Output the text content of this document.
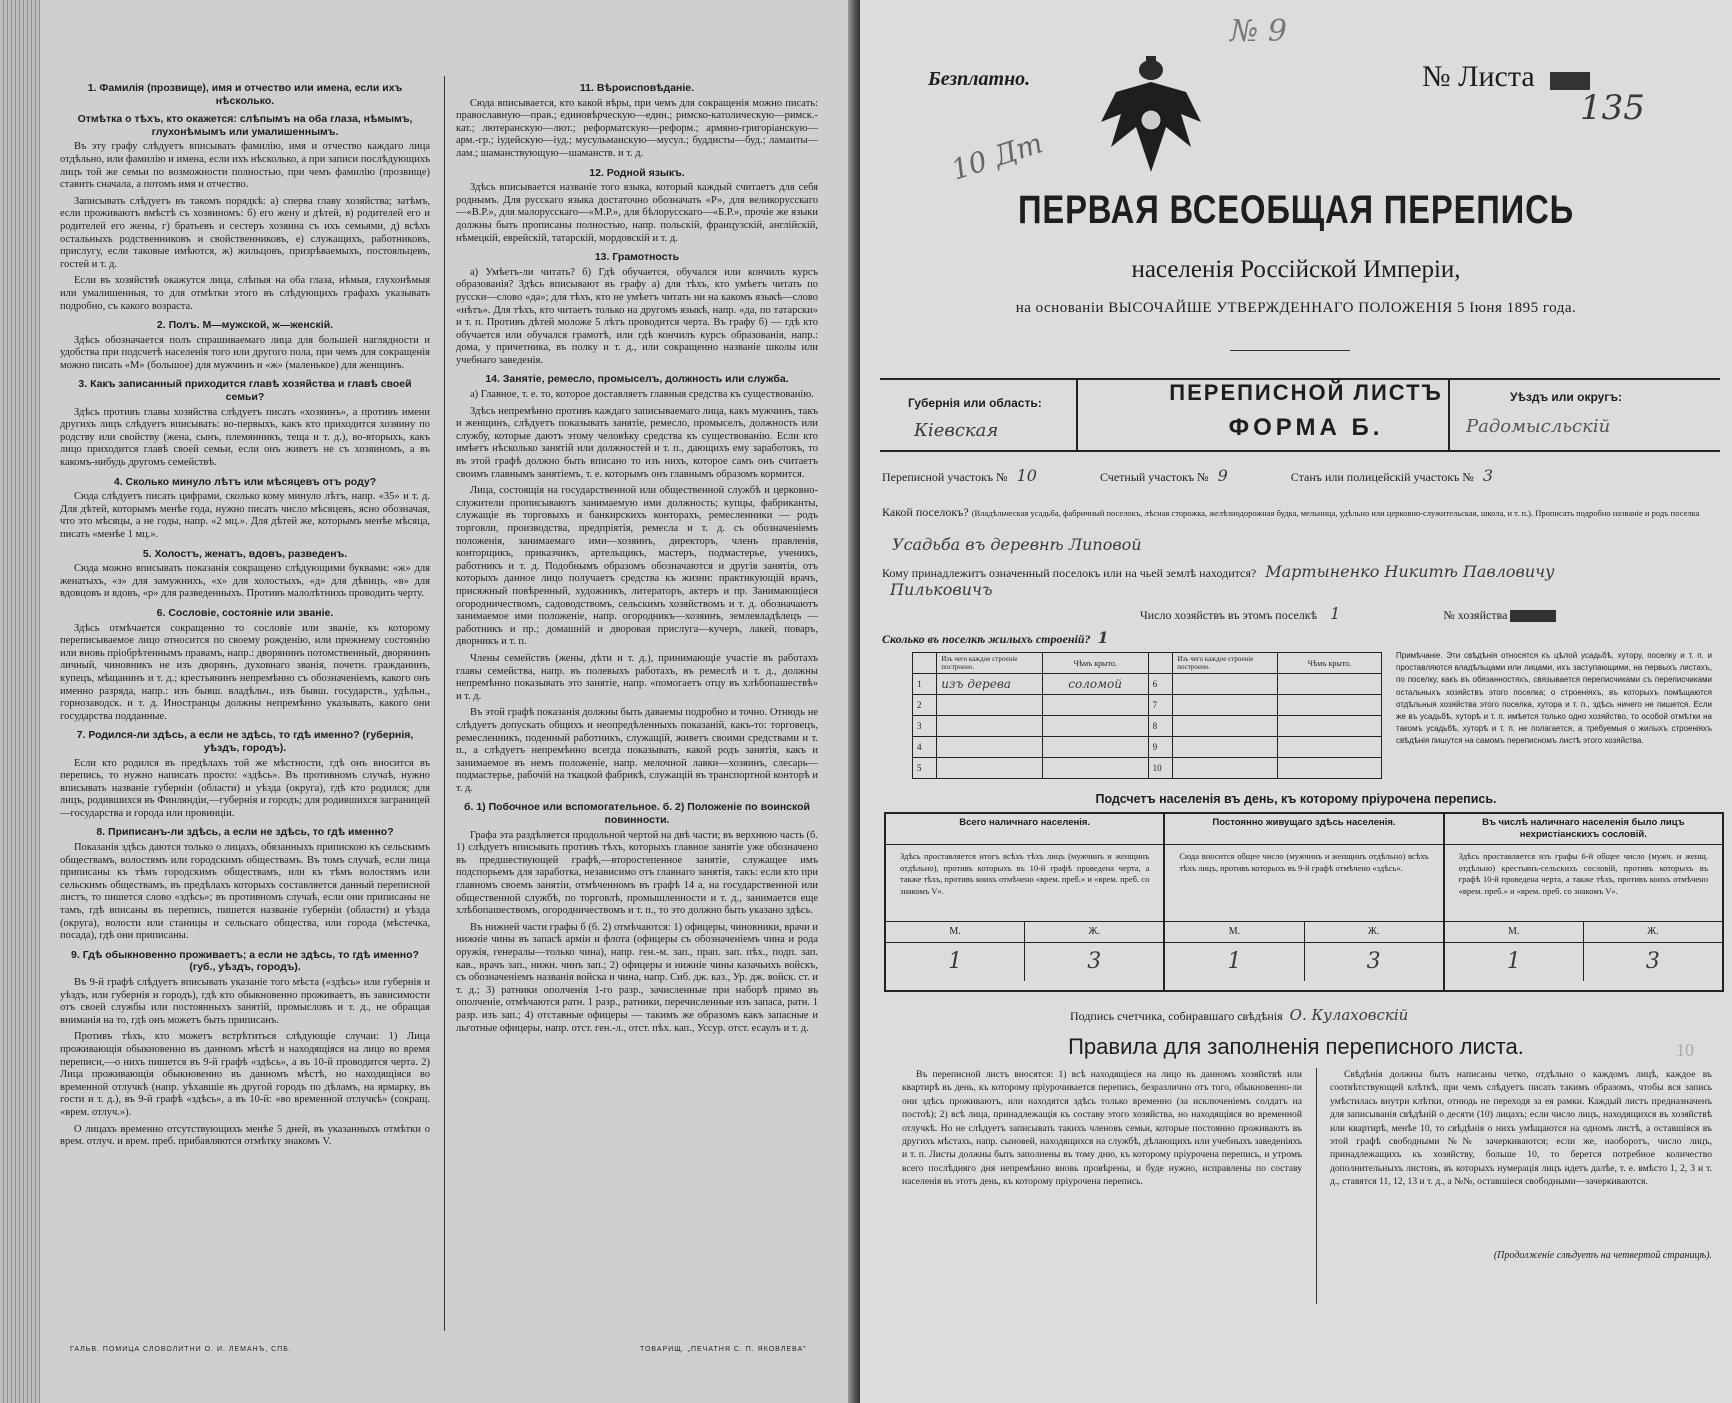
1. Фамилія (прозвище), имя и отчество или имена, если ихъ нѣсколько.
Отмѣтка о тѣхъ, кто окажется: слѣпымъ на оба глаза, нѣмымъ, глухонѣмымъ или умалишеннымъ.

Въ эту графу слѣдуетъ вписывать фамилію, имя и отчество каждаго лица отдѣльно, или фамилію и имена, если ихъ нѣсколько, а при записи послѣдующихъ лицъ той же семьи по возможности полностью, при чемъ фамилію (прозвище) ставить сначала, а потомъ имя и отчество.

Записывать слѣдуетъ въ такомъ порядкѣ: а) сперва главу хозяйства; затѣмъ, если проживаютъ вмѣстѣ съ хозяиномъ: б) его жену и дѣтей, в) родителей его и родителей его жены, г) братьевъ и сестеръ хозяина съ ихъ семьями, д) всѣхъ остальныхъ родственниковъ и свойственниковъ, е) служащихъ, работниковъ, прислугу, если таковые имѣются, ж) жильцовъ, призрѣваемыхъ, постояльцевъ, гостей и т. д.

Если въ хозяйствѣ окажутся лица, слѣпыя на оба глаза, нѣмыя, глухонѣмыя или умалишенныя, то для отмѣтки этого въ слѣдующихъ графахъ указывать подробно, съ какого возраста.

2. Полъ. М—мужской, ж—женскій.

Здѣсь обозначается полъ спрашиваемаго лица для большей наглядности и удобства при подсчетѣ населенія того или другого пола, при чемъ для сокращенія можно писать «М» (большое) для мужчинъ и «ж» (маленькое) для женщинъ.

3. Какъ записанный приходится главѣ хозяйства и главѣ своей семьи?

Здѣсь противъ главы хозяйства слѣдуетъ писать «хозяинъ», а противъ имени другихъ лицъ слѣдуетъ вписывать: во-первыхъ, какъ кто приходится хозяину по родству или свойству (жена, сынъ, племянникъ, теща и т. д.), во-вторыхъ, какъ лицо приходится главѣ своей семьи, если онъ живетъ не съ хозяиномъ, а въ какомъ-нибудь другомъ семействѣ.

4. Сколько минуло лѣтъ или мѣсяцевъ отъ роду?

Сюда слѣдуетъ писать цифрами, сколько кому минуло лѣтъ, напр. «35» и т. д. Для дѣтей, которымъ менѣе года, нужно писать число мѣсяцевъ, ясно обозначая, что это мѣсяцы, а не годы, напр. «2 мц.». Для дѣтей же, которымъ менѣе мѣсяца, писать «менѣе 1 мц.».

5. Холостъ, женатъ, вдовъ, разведенъ.

Сюда можно вписывать показанія сокращено слѣдующими буквами: «ж» для женатыхъ, «з» для замужнихъ, «х» для холостыхъ, «д» для дѣвицъ, «в» для вдовцовъ и вдовъ, «р» для разведенныхъ. Противъ малолѣтнихъ проводить черту.

6. Сословіе, состояніе или званіе.

Здѣсь отмѣчается сокращенно то сословіе или званіе, къ которому переписываемое лицо относится по своему рожденію, или прежнему состоянію или вновь пріобрѣтеннымъ правамъ, напр.: дворянинъ потомственный, дворянинъ личный, чиновникъ не изъ дворянъ, духовнаго званія, почетн. гражданинъ, купецъ, мѣщанинъ и т. д.; крестьянинъ непремѣнно съ обозначеніемъ, какого онъ именно разряда, напр.: изъ бывш. владѣльч., изъ бывш. государств., удѣльн., горнозаводск. и т. д. Иностранцы должны непремѣнно указывать, какого они государства подданные.

7. Родился-ли здѣсь, а если не здѣсь, то гдѣ именно? (губернія, уѣздъ, городъ).

Если кто родился въ предѣлахъ той же мѣстности, гдѣ онъ вносится въ перепись, то нужно написать просто: «здѣсь». Въ противномъ случаѣ, нужно вписывать названіе губерніи (области) и уѣзда (округа), гдѣ кто родился; для лицъ, родившихся въ Финляндіи,—губернія и городъ; для родившихся заграницей—государства и города или провинціи.

8. Приписанъ-ли здѣсь, а если не здѣсь, то гдѣ именно?

Показанія здѣсь даются только о лицахъ, обязанныхъ припискою къ сельскимъ обществамъ, волостямъ или городскимъ обществамъ. Въ томъ случаѣ, если лица приписаны къ тѣмъ городскимъ обществамъ, или къ тѣмъ волостямъ или сельскимъ обществамъ, въ предѣлахъ которыхъ составляется данный переписной листъ, то пишется слово «здѣсь»; въ противномъ случаѣ, если они приписаны не тамъ, гдѣ вписаны въ перепись, пишется названіе губерніи (области) и уѣзда (округа), волости или станицы и сельскаго общества, или города (мѣстечка, посада), гдѣ они приписаны.

9. Гдѣ обыкновенно проживаетъ; а если не здѣсь, то гдѣ именно? (губ., уѣздъ, городъ).

Въ 9-й графѣ слѣдуетъ вписывать указаніе того мѣста («здѣсь» или губернія и уѣздъ, или губернія и городъ), гдѣ кто обыкновенно проживаетъ, въ зависимости отъ своей службы или постоянныхъ занятій, промысловъ и т. д., не обращая вниманія на то, гдѣ онъ можетъ быть приписанъ.

Противъ тѣхъ, кто можетъ встрѣтиться слѣдующіе случаи: 1) Лица проживающія обыкновенно въ данномъ мѣстѣ и находящіяся на лицо во время переписи,—о нихъ пишется въ 9-й графѣ «здѣсь», а въ 10-й проводится черта. 2) Лица проживающія обыкновенно въ данномъ мѣстѣ, но находящіяся во временной отлучкѣ (напр. уѣхавшіе въ другой городъ по дѣламъ, на ярмарку, въ гости и т. д.), въ 9-й графѣ «здѣсь», а въ 10-й: «во временной отлучкѣ» (сокращ. «врем. отлуч.»).

О лицахъ временно отсутствующихъ менѣе 5 дней, въ указанныхъ отмѣтки о врем. отлуч. и врем. преб. прибавляются отмѣтку знакомъ V.

11. Вѣроисповѣданіе.

Сюда вписывается, кто какой вѣры, при чемъ для сокращенія можно писать: православную—прав.; единовѣрческую—един.; римско-католическую—римск.-кат.; лютеранскую—лют.; реформатскую—реформ.; армяно-григоріанскую—арм.-гр.; іудейскую—іуд.; мусульманскую—мусул.; буддисты—буд.; ламаиты—лам.; шаманствующую—шаманств. и т. д.

12. Родной языкъ.

Здѣсь вписывается названіе того языка, который каждый считаетъ для себя роднымъ. Для русскаго языка достаточно обозначать «Р», для великорусскаго—«В.Р.», для малорусскаго—«М.Р.», для бѣлорусскаго—«Б.Р.», прочіе же языки должны быть прописаны полностью, напр. польскій, французскій, англійскій, нѣмецкій, еврейскій, татарскій, мордовскій и т. д.

13. Грамотность

а) Умѣетъ-ли читать? б) Гдѣ обучается, обучался или кончилъ курсъ образованія? Здѣсь вписывают въ графу а) для тѣхъ, кто умѣетъ читать по русски—слово «да»; для тѣхъ, кто не умѣетъ читать ни на какомъ языкѣ—слово «нѣтъ». Для тѣхъ, кто читаетъ только на другомъ языкѣ, напр. «да, по татарски» и т. п. Противъ дѣтей моложе 5 лѣтъ проводится черта. Въ графу б) — гдѣ кто обучается или обучался грамотѣ, или гдѣ кончилъ курсъ образованія, напр.: дома, у причетника, въ полку и т. д., или сокращенно названіе школы или учебнаго заведенія.

14. Занятіе, ремесло, промыселъ, должность или служба.

а) Главное, т. е. то, которое доставляетъ главныя средства къ существованію.

Здѣсь непремѣнно противъ каждаго записываемаго лица, какъ мужчинъ, такъ и женщинъ, слѣдуетъ показывать занятіе, ремесло, промыселъ, должность или службу, которые даютъ этому человѣку средства къ существованію. Если кто имѣетъ нѣсколько занятій или должностей и т. п., дающихъ ему заработокъ, то въ этой графѣ должно быть вписано то изъ нихъ, которое самъ онъ считаетъ своимъ главнымъ занятіемъ, т. е. которымъ онъ главнымъ образомъ кормится.

Лица, состоящія на государственной или общественной службѣ и церковно-служители прописываютъ занимаемую ими должность; купцы, фабриканты, служащіе въ торговыхъ и банкирскихъ конторахъ, ремесленники — родъ торговли, производства, предпріятія, ремесла и т. д. съ обозначеніемъ положенія, занимаемаго ими—хозяинъ, директоръ, членъ правленія, конторщикъ, приказчикъ, артельщикъ, мастеръ, подмастерье, ученикъ, работникъ и т. д. Подобнымъ образомъ обозначаются и другія занятія, отъ которыхъ данное лицо получаетъ средства къ жизни: практикующій врачъ, присяжный повѣренный, художникъ, литераторъ, актеръ и пр. Занимающіеся огородничествомъ, садоводствомъ, сельскимъ хозяйствомъ и т. д. обозначаютъ занимаемое ими положеніе, напр. огородникъ—хозяинъ, землевладѣлецъ — работникъ и пр.; домашній и дворовая прислуга—кучеръ, лакей, поваръ, дворникъ и т. п.

Члены семействъ (жены, дѣти и т. д.), принимающіе участіе въ работахъ главы семейства, напр. въ полевыхъ работахъ, въ ремеслѣ и т. д., должны непремѣнно показывать это занятіе, напр. «помогаетъ отцу въ хлѣбопашествѣ» и т. д.

Въ этой графѣ показанія должны быть даваемы подробно и точно. Отнюдь не слѣдуетъ допускать общихъ и неопредѣленныхъ показаній, какъ-то: торговецъ, ремесленникъ, поденный работникъ, служащій, живетъ своими средствами и т. п., а слѣдуетъ непремѣнно всегда показывать, какой родъ занятія, какъ и занимаемое въ немъ положеніе, напр. мелочной лавки—хозяинъ, слесарь—подмастерье, рабочій на ткацкой фабрикѣ, служащій въ транспортной конторѣ и т. д.

б. 1) Побочное или вспомогательное. б. 2) Положеніе по воинской повинности.

Графа эта раздѣляется продольной чертой на двѣ части; въ верхнюю часть (б. 1) слѣдуетъ вписывать противъ тѣхъ, которыхъ главное занятіе уже обозначено въ предшествующей графѣ,—второстепенное занятіе, служащее имъ подспорьемъ для заработка, независимо отъ главнаго занятія, такъ: если кто при главномъ своемъ занятіи, отмѣченномъ въ графѣ 14 а, на государственной или общественной службѣ, по торговлѣ, промышленности и т. д., занимается еще хлѣбопашествомъ, огородничествомъ и т. п., то это должно быть указано здѣсь.

Въ нижней части графы б (б. 2) отмѣчаются: 1) офицеры, чиновники, врачи и нижніе чины въ запасѣ арміи и флота (офицеры съ обозначеніемъ чина и рода оружія, генералы—только чина), напр. ген.-м. зап., прап. зап. пѣх., подп. зап. кав., врачъ зап., нижн. чинъ зап.; 2) офицеры и нижніе чины казачьихъ войскъ, съ обозначеніемъ названія войска и чина, напр. Сиб. дж. каз., Ур. дж. войск. ст. и т. д.; 3) ратники ополченія 1-го разр., зачисленные при наборѣ прямо въ ополченіе, отмѣчаются ратн. 1 разр., ратники, перечисленные изъ запаса, ратн. 1 разр. изъ зап.; 4) отставные офицеры — такимъ же образомъ какъ запасные и льготные офицеры, напр. отст. ген.-л., отст. пѣх. кап., Уссур. отст. есаулъ и т. д.

ГАЛЬВ. ПОМИЦА СЛОВОЛИТНИ О. И. ЛЕМАНЪ, СПБ.	ТОВАРИЩ. „ПЕЧАТНЯ С. П. ЯКОВЛЕВА"
№ 9
Безплатно.	№ Листа
135
10 Дт
ПЕРВАЯ ВСЕОБЩАЯ ПЕРЕПИСЬ
населенія Россійской Имперіи,
на основаніи ВЫСОЧАЙШЕ УТВЕРЖДЕННАГО ПОЛОЖЕНІЯ 5 Іюня 1895 года.
Губернія или область:
Кіевская
ПЕРЕПИСНОЙ ЛИСТЪ
ФОРМА Б.
Уѣздъ или округъ:
Радомысльскій
Переписной участокъ № 10	Счетный участокъ № 9	Станъ или полицейскій участокъ № 3
Какой поселокъ? (Владѣльческая усадьба, фабричный поселокъ, лѣсная сторожка, желѣзнодорожная будка, мельница, удѣльно или церковно-служительская, школа, и т. п.). Прописать подробно названіе и родъ поселка Усадьба въ деревнѣ Липовой
Кому принадлежитъ означенный поселокъ или на чьей землѣ находится? Мартыненко Никитѣ Павловичу
Пильковичъ
Число хозяйствъ въ этомъ поселкѣ 1	№ хозяйства
Сколько въ поселкѣ жилыхъ строеній? 1
	Изъ чего каждое строеніе построено.	Чѣмъ крыто.		Изъ чего каждое строеніе построено.	Чѣмъ крыто.
1	изъ дерева	соломой	6		
2			7		
3			8		
4			9		
5			10		
Примѣчаніе. Эти свѣдѣнія относятся къ цѣлой усадьбѣ, хутору, поселку и т. п. и проставляются владѣльцами или лицами, ихъ заступающими, на первыхъ листахъ, по поселку, какъ въ обязанностяхъ, связывается переписчиками съ переписчиками остальныхъ хозяйствъ этого поселка; о строеніяхъ, въ которыхъ помѣщаются отдѣльныя хозяйства этого поселка, хутора и т. п., здѣсь ничего не пишется. Если же въ усадьбѣ, хуторѣ и т. п. имѣется только одно хозяйство, то особой отмѣтки на такомъ усадьбѣ, хуторѣ и т. п. не полагается, а требуемыя о жилыхъ строеніяхъ свѣдѣнія пишутся на самомъ переписномъ листѣ этого хозяйства.
Подсчетъ населенія въ день, къ которому пріурочена перепись.
Всего наличнаго населенія.
Здѣсь проставляется итогъ всѣхъ тѣхъ лицъ (мужчинъ и женщинъ отдѣльно), противъ которыхъ въ 10-й графѣ проведена черта, а также тѣхъ, противъ коихъ отмѣчено «врем. преб.» и «врем. преб. со знакомъ V».
М.	Ж.
1	3
Постоянно живущаго здѣсь населенія.
Сюда вносится общее число (мужчинъ и женщинъ отдѣльно) всѣхъ тѣхъ лицъ, противъ которыхъ въ 9-й графѣ отмѣчено «здѣсь».
М.	Ж.
1	3
Въ числѣ наличнаго населенія было лицъ нехристіанскихъ сословій.
Здѣсь проставляется изъ графы 6-й общее число (мужч. и женщ. отдѣльно) крестьянъ-сельскихъ сословій, противъ которыхъ въ графѣ 10-й проведена черта, а также тѣхъ, противъ коихъ отмѣчено «врем. преб.» и «врем. преб. со знакомъ V».
М.	Ж.
1	3
Подпись счетчика, собиравшаго свѣдѣнія О. Кулаховскій
Правила для заполненія переписного листа.
Въ переписной листъ вносятся: 1) всѣ находящіеся на лицо въ данномъ хозяйствѣ или квартирѣ въ день, къ которому пріурочивается перепись, безразлично отъ того, обыкновенно-ли они здѣсь проживаютъ, или находятся здѣсь только временно (за исключеніемъ солдатъ на постоѣ); 2) всѣ лица, принадлежащія къ составу этого хозяйства, но находящіяся во временной отлучкѣ. Но не слѣдуетъ записывать такихъ членовъ семьи, которые постоянно проживаютъ въ другихъ мѣстахъ, напр. сыновей, находящихся на службѣ, дѣлающихъ или учебныхъ заведеніяхъ и т. п. Листы должны быть заполнены въ тому дню, къ которому пріурочена перепись, и утромъ всего послѣдняго дня непремѣнно вновь провѣрены, и буде нужно, исправлены по составу населенія въ этотъ день, къ которому пріурочена перепись.
Свѣдѣнія должны быть написаны четко, отдѣльно о каждомъ лицѣ, каждое въ соотвѣтствующей клѣткѣ, при чемъ слѣдуетъ писать такимъ образомъ, чтобы вся запись умѣстилась внутри клѣтки, отнюдь не переходя за ея рамки. Каждый листъ предназначенъ для записыванія свѣдѣній о десяти (10) лицахъ; если число лицъ, находящихся въ хозяйствѣ или квартирѣ, менѣе 10, то свѣдѣнія о нихъ умѣщаются на одномъ листѣ, а оставшіяся въ этой графѣ свободными №№ зачеркиваются; если же, наоборотъ, число лицъ, принадлежащихъ къ хозяйству, больше 10, то берется потребное количество дополнительныхъ листовъ, въ которыхъ нумерація лицъ идетъ далѣе, т. е. вмѣсто 1, 2, 3 и т. д., ставятся 11, 12, 13 и т. д., а №№, оставшіеся свободными—зачеркиваются.
(Продолженіе слѣдуетъ на четвертой страницѣ).
10
